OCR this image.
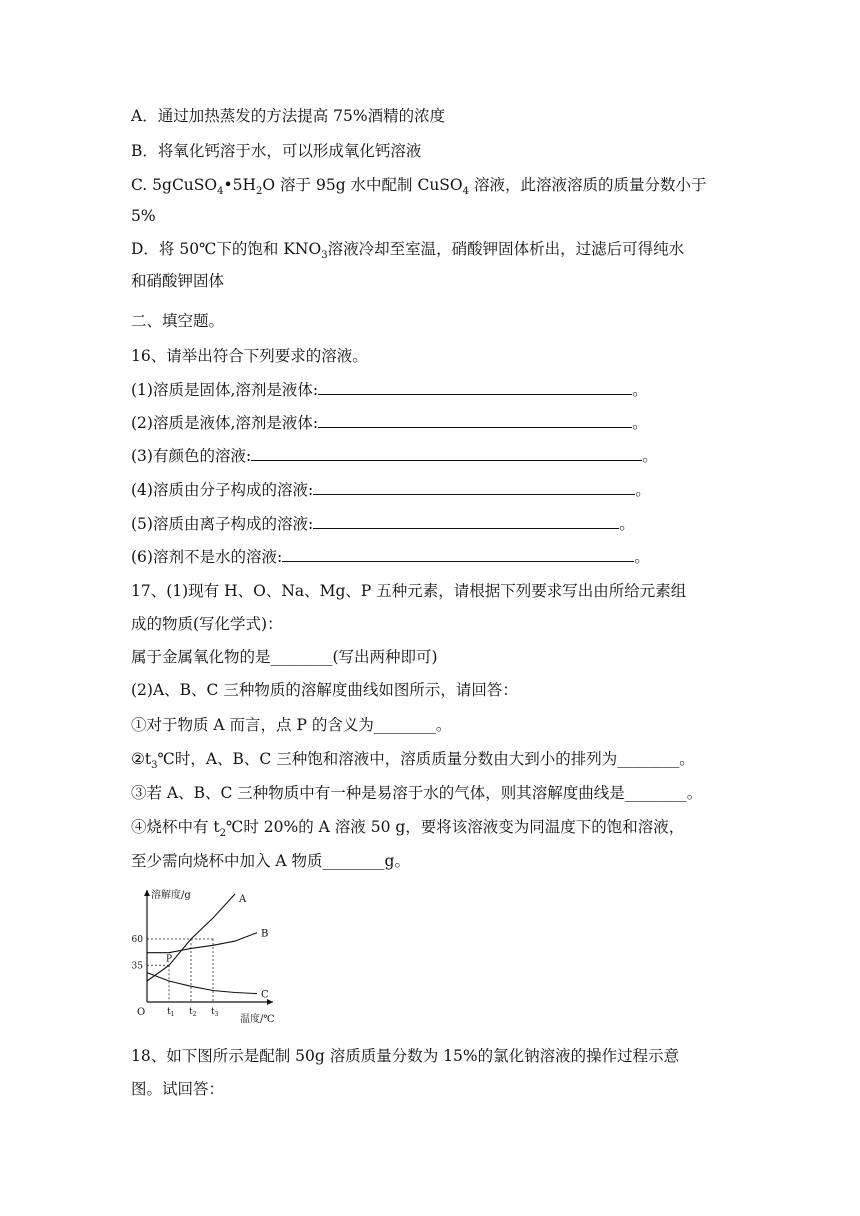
A．通过加热蒸发的方法提高 75%酒精的浓度
B．将氧化钙溶于水，可以形成氧化钙溶液
C. $5gCuSO_4•5H_2O$ 溶于 95g 水中配制 CuSO$_4$ 溶液，此溶液溶质的质量分数小于
5%
D．将 50℃下的饱和 $KNO_3$溶液冷却至室温，硝酸钾固体析出，过滤后可得纯水
和硝酸钾固体
二、填空题。
16、请举出符合下列要求的溶液。
(1)溶质是固体,溶剂是液体:	。
(2)溶质是液体,溶剂是液体:	。
(3)有颜色的溶液:	。
(4)溶质由分子构成的溶液:	。
(5)溶质由离子构成的溶液:	。
(6)溶剂不是水的溶液:	。
17、(1)现有 H、O、Na、Mg、P 五种元素，请根据下列要求写出由所给元素组
成的物质(写化学式)：
属于金属氧化物的是________(写出两种即可)
(2)A、B、C 三种物质的溶解度曲线如图所示，请回答：
①对于物质 A 而言，点 P 的含义为________。
$②t_3℃$时，A、B、C 三种饱和溶液中，溶质质量分数由大到小的排列为________。
③若 A、B、C 三种物质中有一种是易溶于水的气体，则其溶解度曲线是________。
④烧杯中有 $t_2℃$时 20%的 A 溶液 50 g，要将该溶液变为同温度下的饱和溶液，
至少需向烧杯中加入 A 物质________g。
溶解度/g
温度/℃
O
A
B
C
60
35
$t_1$ $t_2$ $t_3$
P
18、如下图所示是配制 50g 溶质质量分数为 15%的氯化钠溶液的操作过程示意
图。试回答：
